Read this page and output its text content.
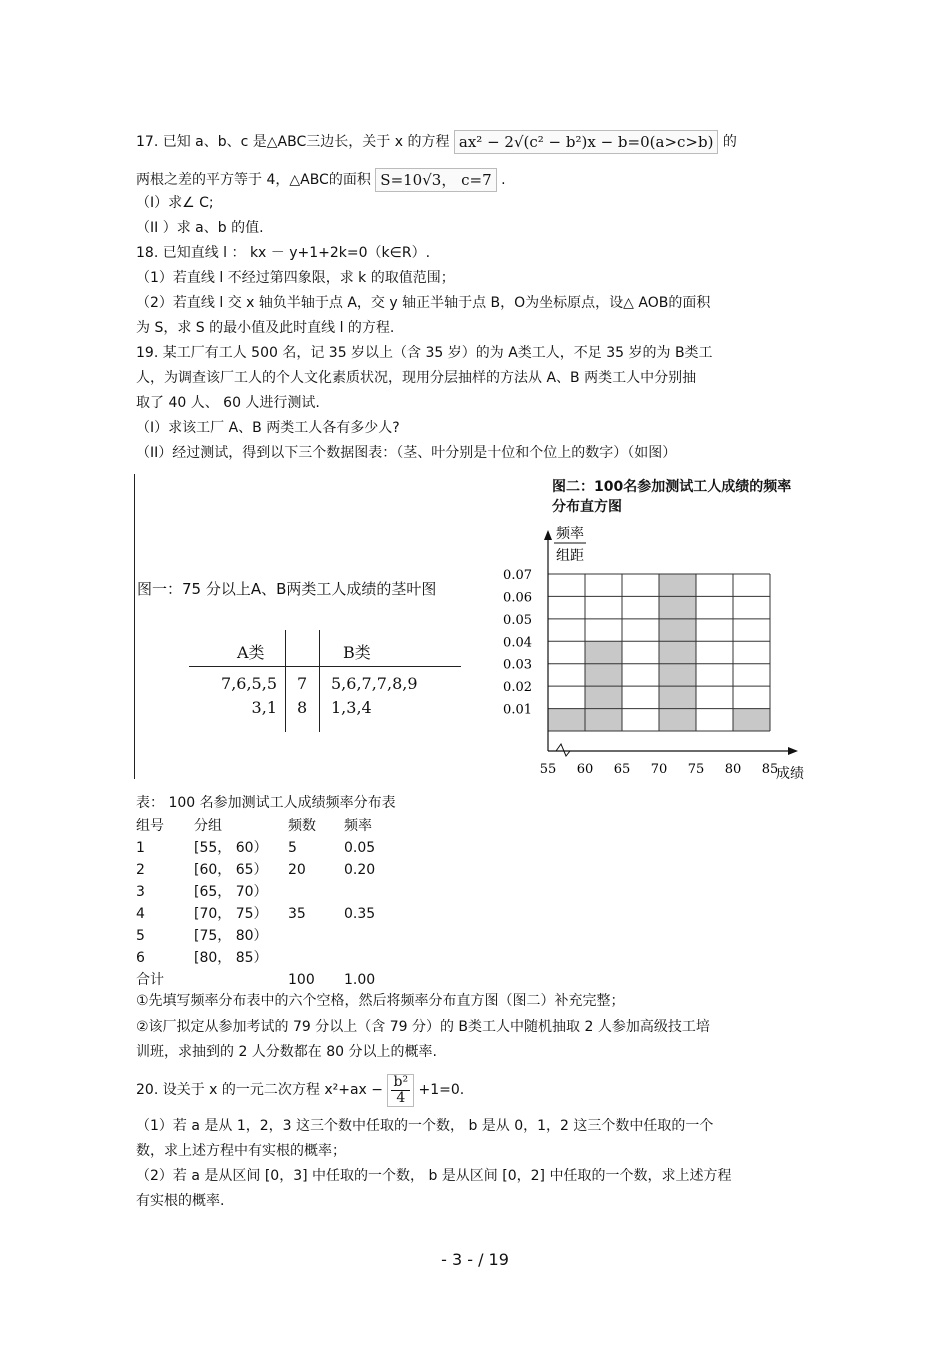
17. 已知 a、b、c 是△ABC三边长，关于 x 的方程 ax² − 2√(c² − b²)x − b=0(a>c>b) 的
两根之差的平方等于 4，△ABC的面积 S=10√3， c=7 .
（I）求∠ C;
（II ）求 a、b 的值.
18. 已知直线 l ： kx － y+1+2k=0（k∈R）.
（1）若直线 l 不经过第四象限，求 k 的取值范围；
（2）若直线 l 交 x 轴负半轴于点 A，交 y 轴正半轴于点 B，O为坐标原点，设△ AOB的面积
为 S，求 S 的最小值及此时直线 l 的方程.
19. 某工厂有工人 500 名，记 35 岁以上（含 35 岁）的为 A类工人，不足 35 岁的为 B类工
人，为调查该厂工人的个人文化素质状况，现用分层抽样的方法从 A、B 两类工人中分别抽
取了 40 人、 60 人进行测试.
（I）求该工厂 A、B 两类工人各有多少人?
（II）经过测试，得到以下三个数据图表：（茎、叶分别是十位和个位上的数字）（如图）
图一：75 分以上A、B两类工人成绩的茎叶图
A类	B类
7,6,5,5 7 5,6,7,7,8,9
3,1 8 1,3,4
图二：100名参加测试工人成绩的频率
分布直方图
频率
组距
成绩
0.01
0.02
0.03
0.04
0.05
0.06
0.07
55 60 65 70 75 80 85
表： 100 名参加测试工人成绩频率分布表
组号	分组	频数	频率
1	[55， 60）	5	0.05
2	[60， 65）	20	0.20
3	[65， 70）		
4	[70， 75）	35	0.35
5	[75， 80）		
6	[80， 85）		
合计		100	1.00
①先填写频率分布表中的六个空格，然后将频率分布直方图（图二）补充完整；
②该厂拟定从参加考试的 79 分以上（含 79 分）的 B类工人中随机抽取 2 人参加高级技工培
训班，求抽到的 2 人分数都在 80 分以上的概率.
20. 设关于 x 的一元二次方程 $x^2+ax - \frac{\text{b²}}{4} +1=0$.
（1）若 a 是从 1，2，3 这三个数中任取的一个数， b 是从 0，1，2 这三个数中任取的一个
数，求上述方程中有实根的概率；
（2）若 a 是从区间 [0，3] 中任取的一个数， b 是从区间 [0，2] 中任取的一个数，求上述方程
有实根的概率.
- 3 - / 19
